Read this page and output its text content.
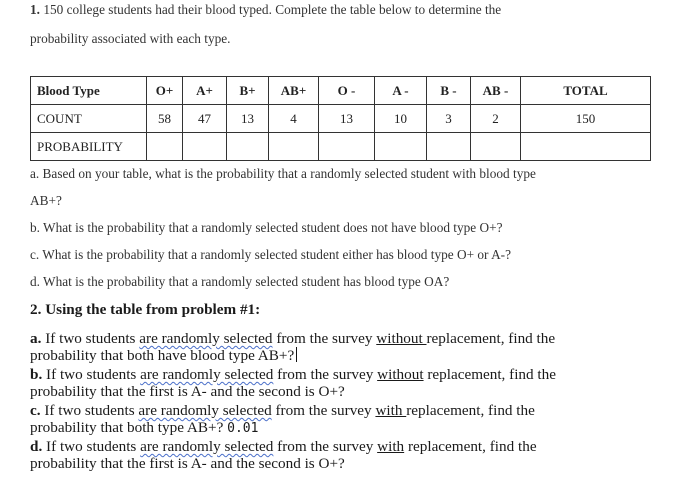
1. 150 college students had their blood typed. Complete the table below to determine the
probability associated with each type.
Blood Type	O+	A+	B+	AB+	O -	A -	B -	AB -	TOTAL
COUNT	58	47	13	4	13	10	3	2	150
PROBABILITY									
a. Based on your table, what is the probability that a randomly selected student with blood type
AB+?
b. What is the probability that a randomly selected student does not have blood type O+?
c. What is the probability that a randomly selected student either has blood type O+ or A-?
d. What is the probability that a randomly selected student has blood type OA?
2. Using the table from problem #1:
a. If two students are randomly selected from the survey without replacement, find the
probability that both have blood type AB+?
b. If two students are randomly selected from the survey without replacement, find the
probability that the first is A- and the second is O+?
c. If two students are randomly selected from the survey with replacement, find the
probability that both type AB+? 0.01
d. If two students are randomly selected from the survey with replacement, find the
probability that the first is A- and the second is O+?
